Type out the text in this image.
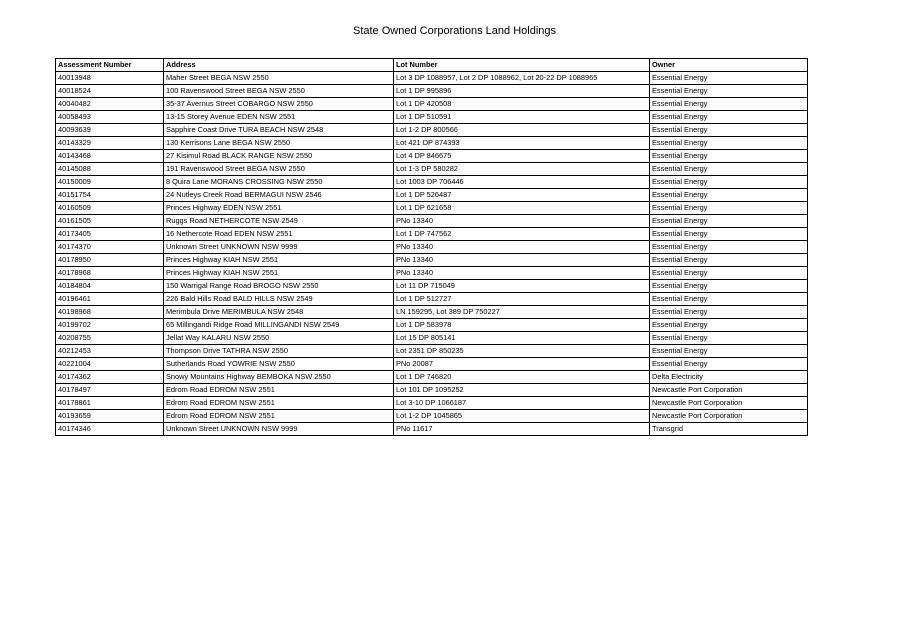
State Owned Corporations Land Holdings
Assessment Number	Address	Lot Number	Owner
40013948	Maher Street BEGA NSW 2550	Lot 3 DP 1088957, Lot 2 DP 1088962, Lot 20-22 DP 1088965	Essential Energy
40018524	100 Ravenswood Street BEGA NSW 2550	Lot 1 DP 995896	Essential Energy
40040482	35-37 Avernus Street COBARGO NSW 2550	Lot 1 DP 420508	Essential Energy
40058493	13-15 Storey Avenue EDEN NSW 2551	Lot 1 DP 510591	Essential Energy
40093639	Sapphire Coast Drive TURA BEACH NSW 2548	Lot 1-2 DP 800566	Essential Energy
40143329	130 Kerrisons Lane BEGA NSW 2550	Lot 421 DP 874393	Essential Energy
40143468	27 Kisimul Road BLACK RANGE NSW 2550	Lot 4 DP 846675	Essential Energy
40145088	191 Ravenswood Street BEGA NSW 2550	Lot 1-3 DP 580282	Essential Energy
40150009	8 Quira Lane MORANS CROSSING NSW 2550	Lot 1003 DP 706446	Essential Energy
40151754	24 Nutleys Creek Road BERMAGUI NSW 2546	Lot 1 DP 526487	Essential Energy
40160509	Princes Highway EDEN NSW 2551	Lot 1 DP 621658	Essential Energy
40161505	Ruggs Road NETHERCOTE NSW 2549	PNo 13340	Essential Energy
40173405	16 Nethercote Road EDEN NSW 2551	Lot 1 DP 747562	Essential Energy
40174370	Unknown Street UNKNOWN NSW 9999	PNo 13340	Essential Energy
40178950	Princes Highway KIAH NSW 2551	PNo 13340	Essential Energy
40178968	Princes Highway KIAH NSW 2551	PNo 13340	Essential Energy
40184804	150 Warrigal Range Road BROGO NSW 2550	Lot 11 DP 715049	Essential Energy
40196461	226 Bald Hills Road BALD HILLS NSW 2549	Lot 1 DP 512727	Essential Energy
40198968	Merimbula Drive MERIMBULA NSW 2548	LN 159295, Lot 389 DP 750227	Essential Energy
40199702	65 Millingandi Ridge Road MILLINGANDI NSW 2549	Lot 1 DP 583978	Essential Energy
40208755	Jellat Way KALARU NSW 2550	Lot 15 DP 805141	Essential Energy
40212453	Thompson Drive TATHRA NSW 2550	Lot 2351 DP 850235	Essential Energy
40221004	Sutherlands Road YOWRIE NSW 2550	PNo 20087	Essential Energy
40174362	Snowy Mountains Highway BEMBOKA NSW 2550	Lot 1 DP 746820	Delta Electricity
40178497	Edrom Road EDROM NSW 2551	Lot 101 DP 1095252	Newcastle Port Corporation
40178861	Edrom Road EDROM NSW 2551	Lot 3-10 DP 1066187	Newcastle Port Corporation
40193659	Edrom Road EDROM NSW 2551	Lot 1-2 DP 1045865	Newcastle Port Corporation
40174346	Unknown Street UNKNOWN NSW 9999	PNo 11617	Transgrid
